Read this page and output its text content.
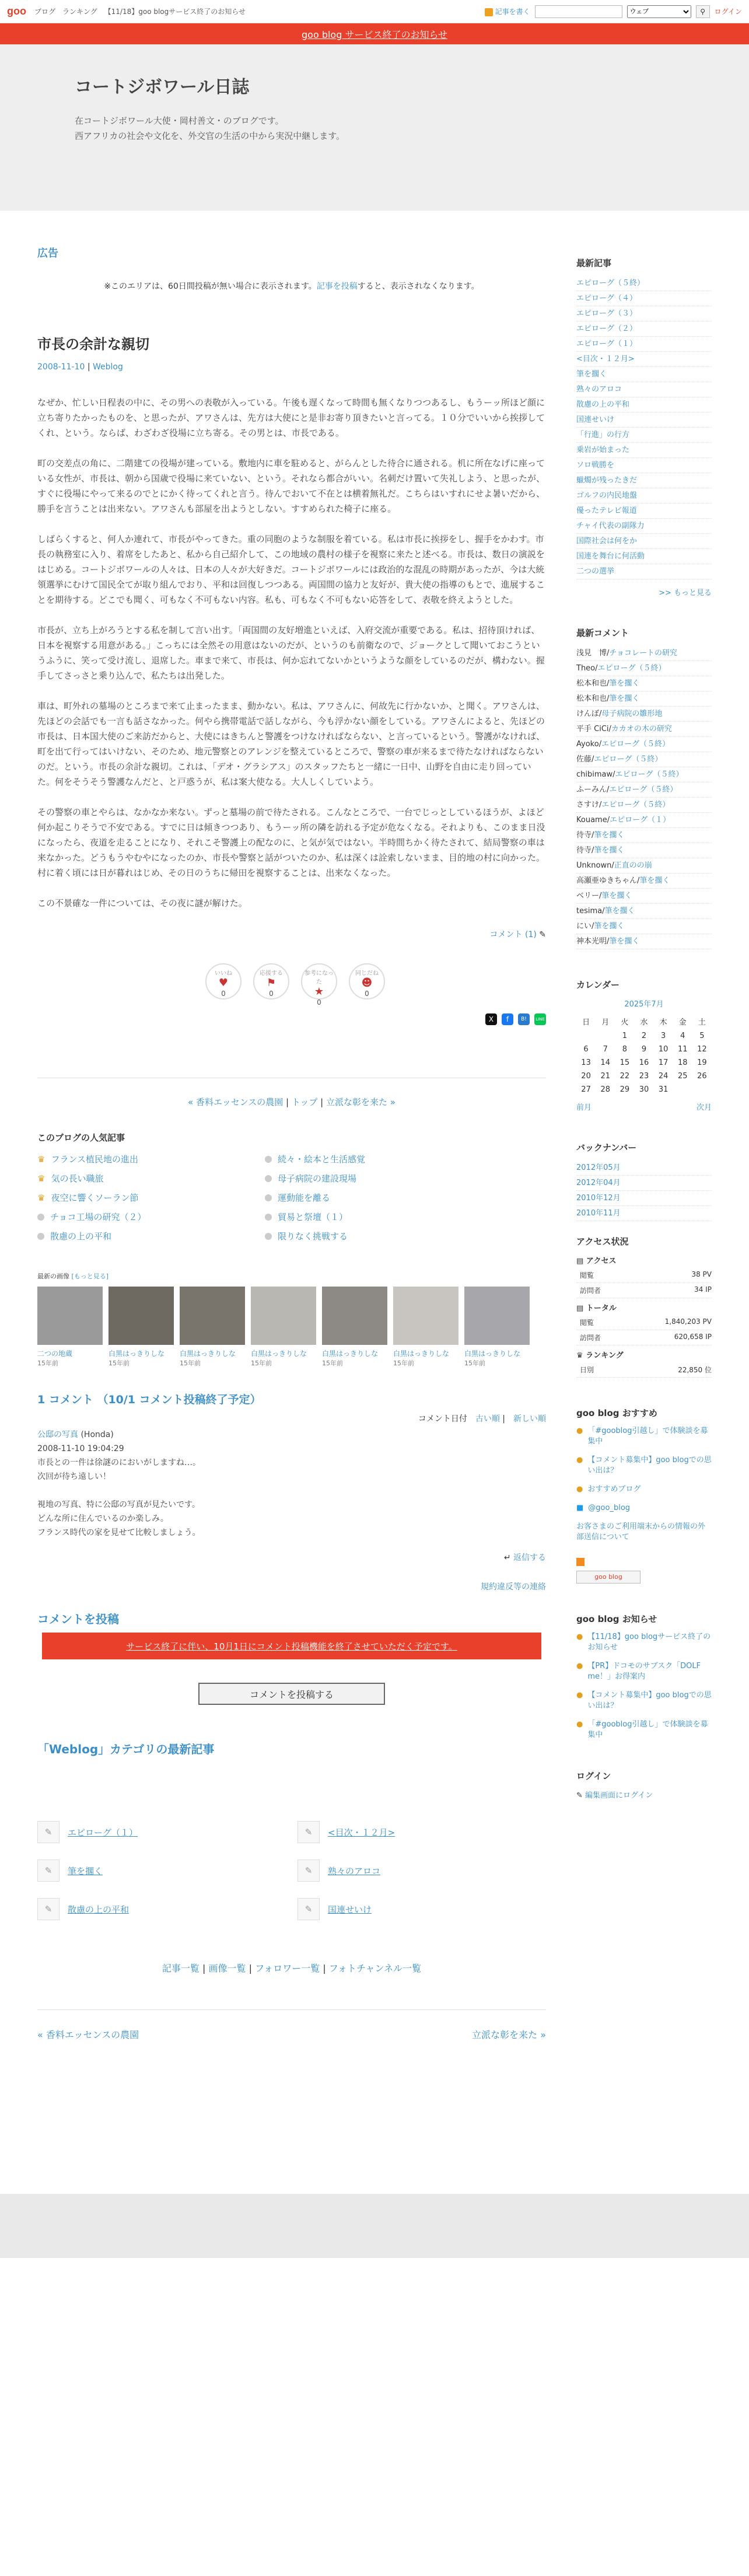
goo ブログ ランキング 【11/18】goo blogサービス終了のお知らせ	記事を書く
ウェブ	⚲ ログイン
goo blog サービス終了のお知らせ
コートジボワール日誌
在コートジボワール大使・岡村善文・のブログです。
西アフリカの社会や文化を、外交官の生活の中から実況中継します。
広告
※このエリアは、60日間投稿が無い場合に表示されます。記事を投稿すると、表示されなくなります。
市長の余計な親切
2008-11-10 | Weblog

なぜか、忙しい日程表の中に、その男への表敬が入っている。午後も遅くなって時間も無くなりつつあるし、もうーッ所ほど顔に立ち寄りたかったものを、と思ったが、アワさんは、先方は大使にと是非お寄り頂きたいと言ってる。１０分でいいから挨拶してくれ、という。ならば、わざわざ役場に立ち寄る。その男とは、市長である。

町の交差点の角に、二階建ての役場が建っている。敷地内に車を駐めると、がらんとした待合に通される。机に所在なげに座っている女性が、市長は、朝から国歳で役場に来ていない、という。それなら都合がいい。名刺だけ置いて失礼しよう、と思ったが、すぐに役場にやって来るのでとにかく待ってくれと言う。待んでおいて不在とは横着無礼だ。こちらはいすれにせよ暑いだから、勝手を言うことは出来ない。アワさんも部屋を出ようとしない。すすめられた椅子に座る。

しばらくすると、何人か連れて、市長がやってきた。重の同胞のような制服を着ている。私は市長に挨拶をし、握手をかわす。市長の執務室に入り、着席をしたあと、私から自己紹介して、この地域の農村の様子を視察に来たと述べる。市長は、数日の演説をはじめる。コートジボワールの人々は、日本の人々が大好きだ。コートジボワールには政治的な混乱の時期があったが、今は大統領選挙にむけて国民全てが取り組んでおり、平和は回復しつつある。両国間の協力と友好が、貴大使の指導のもとで、進展することを期待する。どこでも聞く、可もなく不可もない内容。私も、可もなく不可もない応答をして、表敬を終えようとした。

市長が、立ち上がろうとする私を制して言い出す。「両国間の友好増進といえば、入府交流が重要である。私は、招待頂ければ、日本を視察する用意がある。」こっちには全然その用意はないのだが、というのも前衛なので、ジョークとして聞いておこうというふうに、笑って受け流し、退席した。車まで来て、市長は、何か忘れてないかというような顔をしているのだが、構わない。握手してさっさと乗り込んで、私たちは出発した。

車は、町外れの墓場のところまで来て止まったまま、動かない。私は、アワさんに、何故先に行かないか、と聞く。アワさんは、先ほどの会話でも一言も話さなかった。何やら携帯電話で話しながら、今も浮かない顔をしている。アワさんによると、先ほどの市長は、日本国大使のご来訪だからと、大使にはきちんと警護をつけなければならない、と言っているという。警護がなければ、町を出て行ってはいけない、そのため、地元警察とのアレンジを整えているところで、警察の車が来るまで待たなければならないのだ。という。市長の余計な親切。これは、「デオ・グラシアス」のスタッフたちと一緒に一日中、山野を自由に走り回っていた。何をそうそう警護なんだと、と戸惑うが、私は案大使なる。大人しくしていよう。

その警察の車とやらは、なかなか来ない。ずっと墓場の前で待たされる。こんなところで、一台でじっとしているほうが、よほど何か起こりそうで不安である。すでに日は傾きつつあり、もうーッ所の隣を訪れる予定が危なくなる。それよりも、このまま日没になったら、夜道を走ることになり、それこそ警護上の配なのに、と気が気ではない。半時間ちかく待たされて、結局警察の車は来なかった。どうもうやむやになったのか、市長や警察と話がついたのか、私は深くは詮索しないまま、目的地の村に向かった。村に着く頃には日が暮れはじめ、その日のうちに帰田を視察することは、出来なくなった。

この不景確な一件については、その夜に謎が解けた。

コメント (1) ✎
いいね
♥
0
応援する
⚑
0
参考になった
★
0
同じだね
☻
0
X	f	B!	LINE
« 香料エッセンスの農園 | トップ | 立派な彰を来た »
このブログの人気記事
♛ フランス植民地の進出	続々・絵本と生活感覚
♛ 気の長い職旅	母子病院の建設現場
♛ 夜空に響くソーラン節	運動能を離る
チョコ工場の研究（２）	貿易と祭壇（１）
散慮の上の平和	限りなく挑戦する
最新の画像 [もっと見る]
二つの地蔵
15年前
白黒はっきりしな
15年前
白黒はっきりしな
15年前
白黒はっきりしな
15年前
白黒はっきりしな
15年前
白黒はっきりしな
15年前
白黒はっきりしな
15年前
1 コメント （10/1 コメント投稿終了予定）
コメント日付　 古い順 |　新しい順
公邸の写真 (Honda)
2008-11-10 19:04:29
市長との一件は徐謎のにおいがしますね…。
次回が待ち遠しい！
視地の写真、特に公邸の写真が見たいです。
どんな所に住んでいるのか楽しみ。
フランス時代の家を見せて比較しましょう。
↵ 返信する
規約違反等の連絡
コメントを投稿
サービス終了に伴い、10月1日にコメント投稿機能を終了させていただく予定です。
コメントを投稿する
「Weblog」カテゴリの最新記事
✎	エピローグ（１）	✎	<目次・１２月>
✎	筆を擱く	✎	熟々のアロコ
✎	散慮の上の平和	✎	国連せいけ
記事一覧 | 画像一覧 | フォロワー一覧 | フォトチャンネル一覧
« 香料エッセンスの農園	立派な彰を来た »
最新記事
エピローグ（５終）
エピローグ（４）
エピローグ（３）
エピローグ（２）
エピローグ（１）
<目次・１２月>
筆を擱く
熟々のアロコ
散慮の上の平和
国連せいけ
「行進」の行方
乗岩が始まった
ソロ戦勝を
蠟燭が残ったきだ
ゴルフの内民地盤
優ったテレビ報道
チャイ代表の副隊力
国際社会は何をか
国連を舞台に何活動
二つの選挙
>> もっと見る
最新コメント
浅見　博/チョコレートの研究
Theo/エピローグ（５終）
松本和也/筆を擱く
松本和也/筆を擱く
けんぼ/母子病院の雛形地
平手 CiCi/カカオの木の研究
Ayoko/エピローグ（５終）
佐藤/エピローグ（５終）
chibimaw/エピローグ（５終）
ふーみん/エピローグ（５終）
さすけ/エピローグ（５終）
Kouame/エピローグ（１）
待寺/筆を擱く
待寺/筆を擱く
Unknown/正直のの崩
高瀬亜ゆきちゃん/筆を擱く
ベリー/筆を擱く
tesima/筆を擱く
にい/筆を擱く
神本光明/筆を擱く
カレンダー
2025年7月
日	月	火	水	木	金	土
		1	2	3	4	5
6	7	8	9	10	11	12
13	14	15	16	17	18	19
20	21	22	23	24	25	26
27	28	29	30	31		
前月	次月
バックナンバー
2012年05月
2012年04月
2010年12月
2010年11月
アクセス状況
▤ アクセス
閲覧	38 PV
訪問者	34 IP
▤ トータル
閲覧	1,840,203 PV
訪問者	620,658 IP
♛ ランキング
日別	22,850 位
goo blog おすすめ
● 「#gooblog引越し」で体験談を募集中
● 【コメント募集中】goo blogでの思い出は？
● おすすめブログ
■ @goo_blog
お客さまのご利用端末からの情報の外部送信について
goo blog
goo blog お知らせ
● 【11/18】goo blogサービス終了のお知らせ
● 【PR】ドコモのサブスク「DOLF me！」お得案内
● 【コメント募集中】goo blogでの思い出は？
● 「#gooblog引越し」で体験談を募集中
ログイン
✎ 編集画面にログイン
